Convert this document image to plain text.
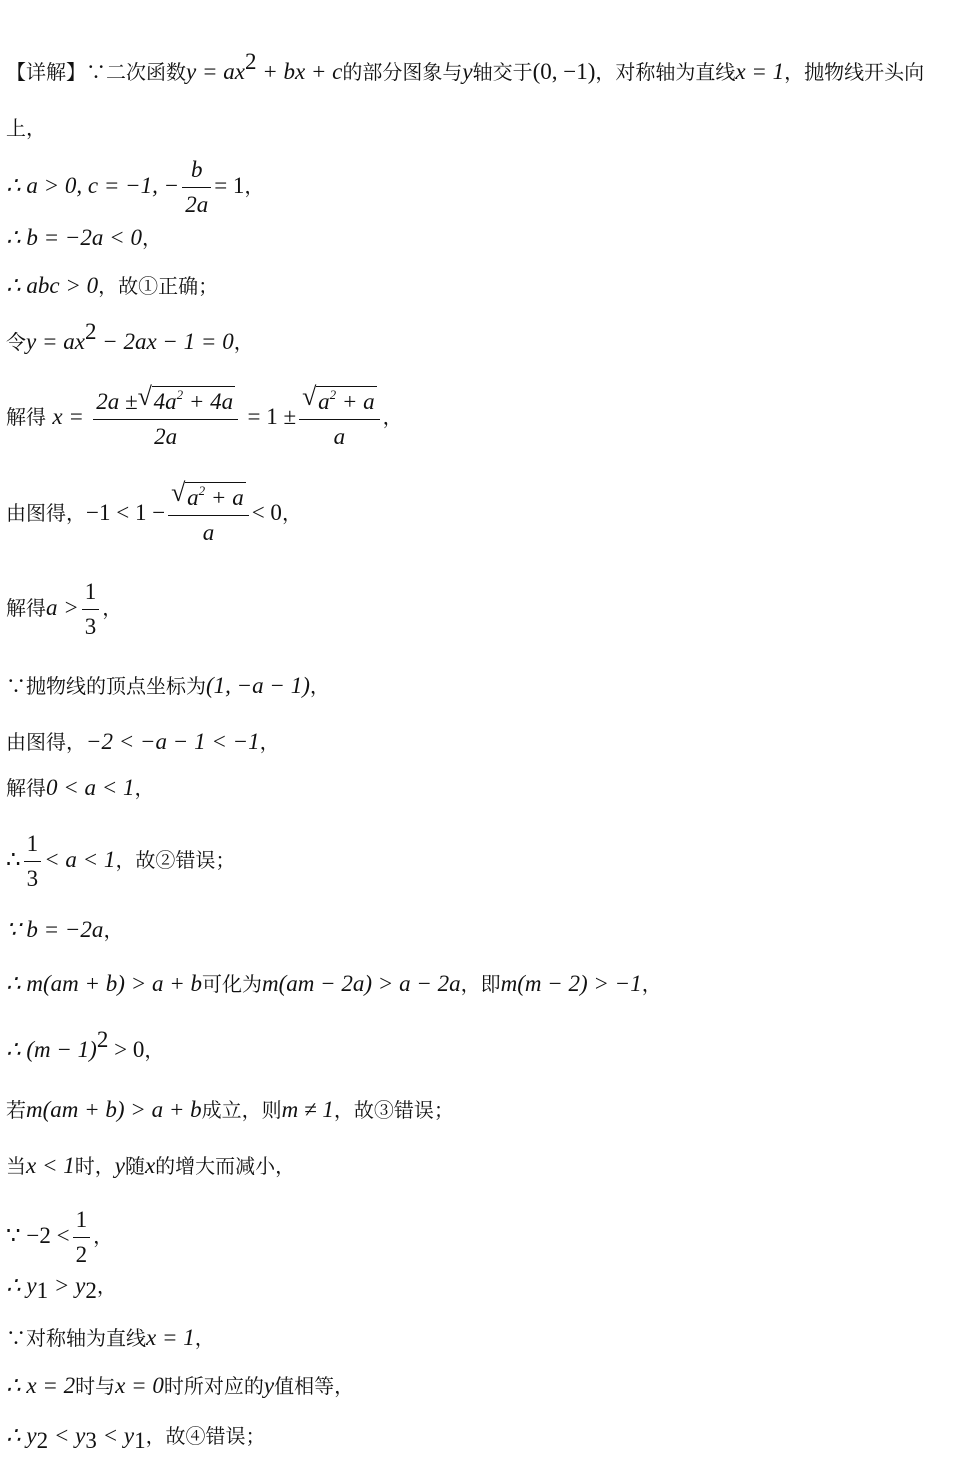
【详解】∵二次函数$y = ax^2$ + bx + c的部分图象与y轴交于(0, −1)，对称轴为直线x = 1，抛物线开头向
上，
∴ a > 0, c = −1, − $\frac{b}{2a} = 1$，
∴ b = −2a < 0，
∴ abc > 0，故①正确；
令$y = ax^2 - 2ax - 1 = 0$，
解得 $x = \frac{2a \pm √ 4a^2 + 4a}{2a} = 1 \pm \frac{√ a^2 + a}{a}$ ，
由图得，$-1 < 1 - \frac{√ a^2 + a}{a} < 0$，
解得$a > \frac{1}{3}$ ，
∵抛物线的顶点坐标为(1, −a − 1)，
由图得，−2 < −a − 1 < −1，
解得0 < a < 1，
∴ $\frac{1}{3} < a < 1$，故②错误；
∵ b = −2a，
∴ m(am + b) > a + b可化为m(am − 2a) > a − 2a，即m(m − 2) > −1，
∴ $(m - 1)^2 > 0$，
若m(am + b) > a + b成立，则m ≠ 1，故③错误；
当x < 1时，y随x的增大而减小，
∵ $-2 < \frac{1}{2}$ ，
∴ $y_1 > y_2$，
∵对称轴为直线x = 1，
∴ x = 2时与x = 0时所对应的y值相等，
∴ $y_2 < y_3 < y_1$，故④错误；
